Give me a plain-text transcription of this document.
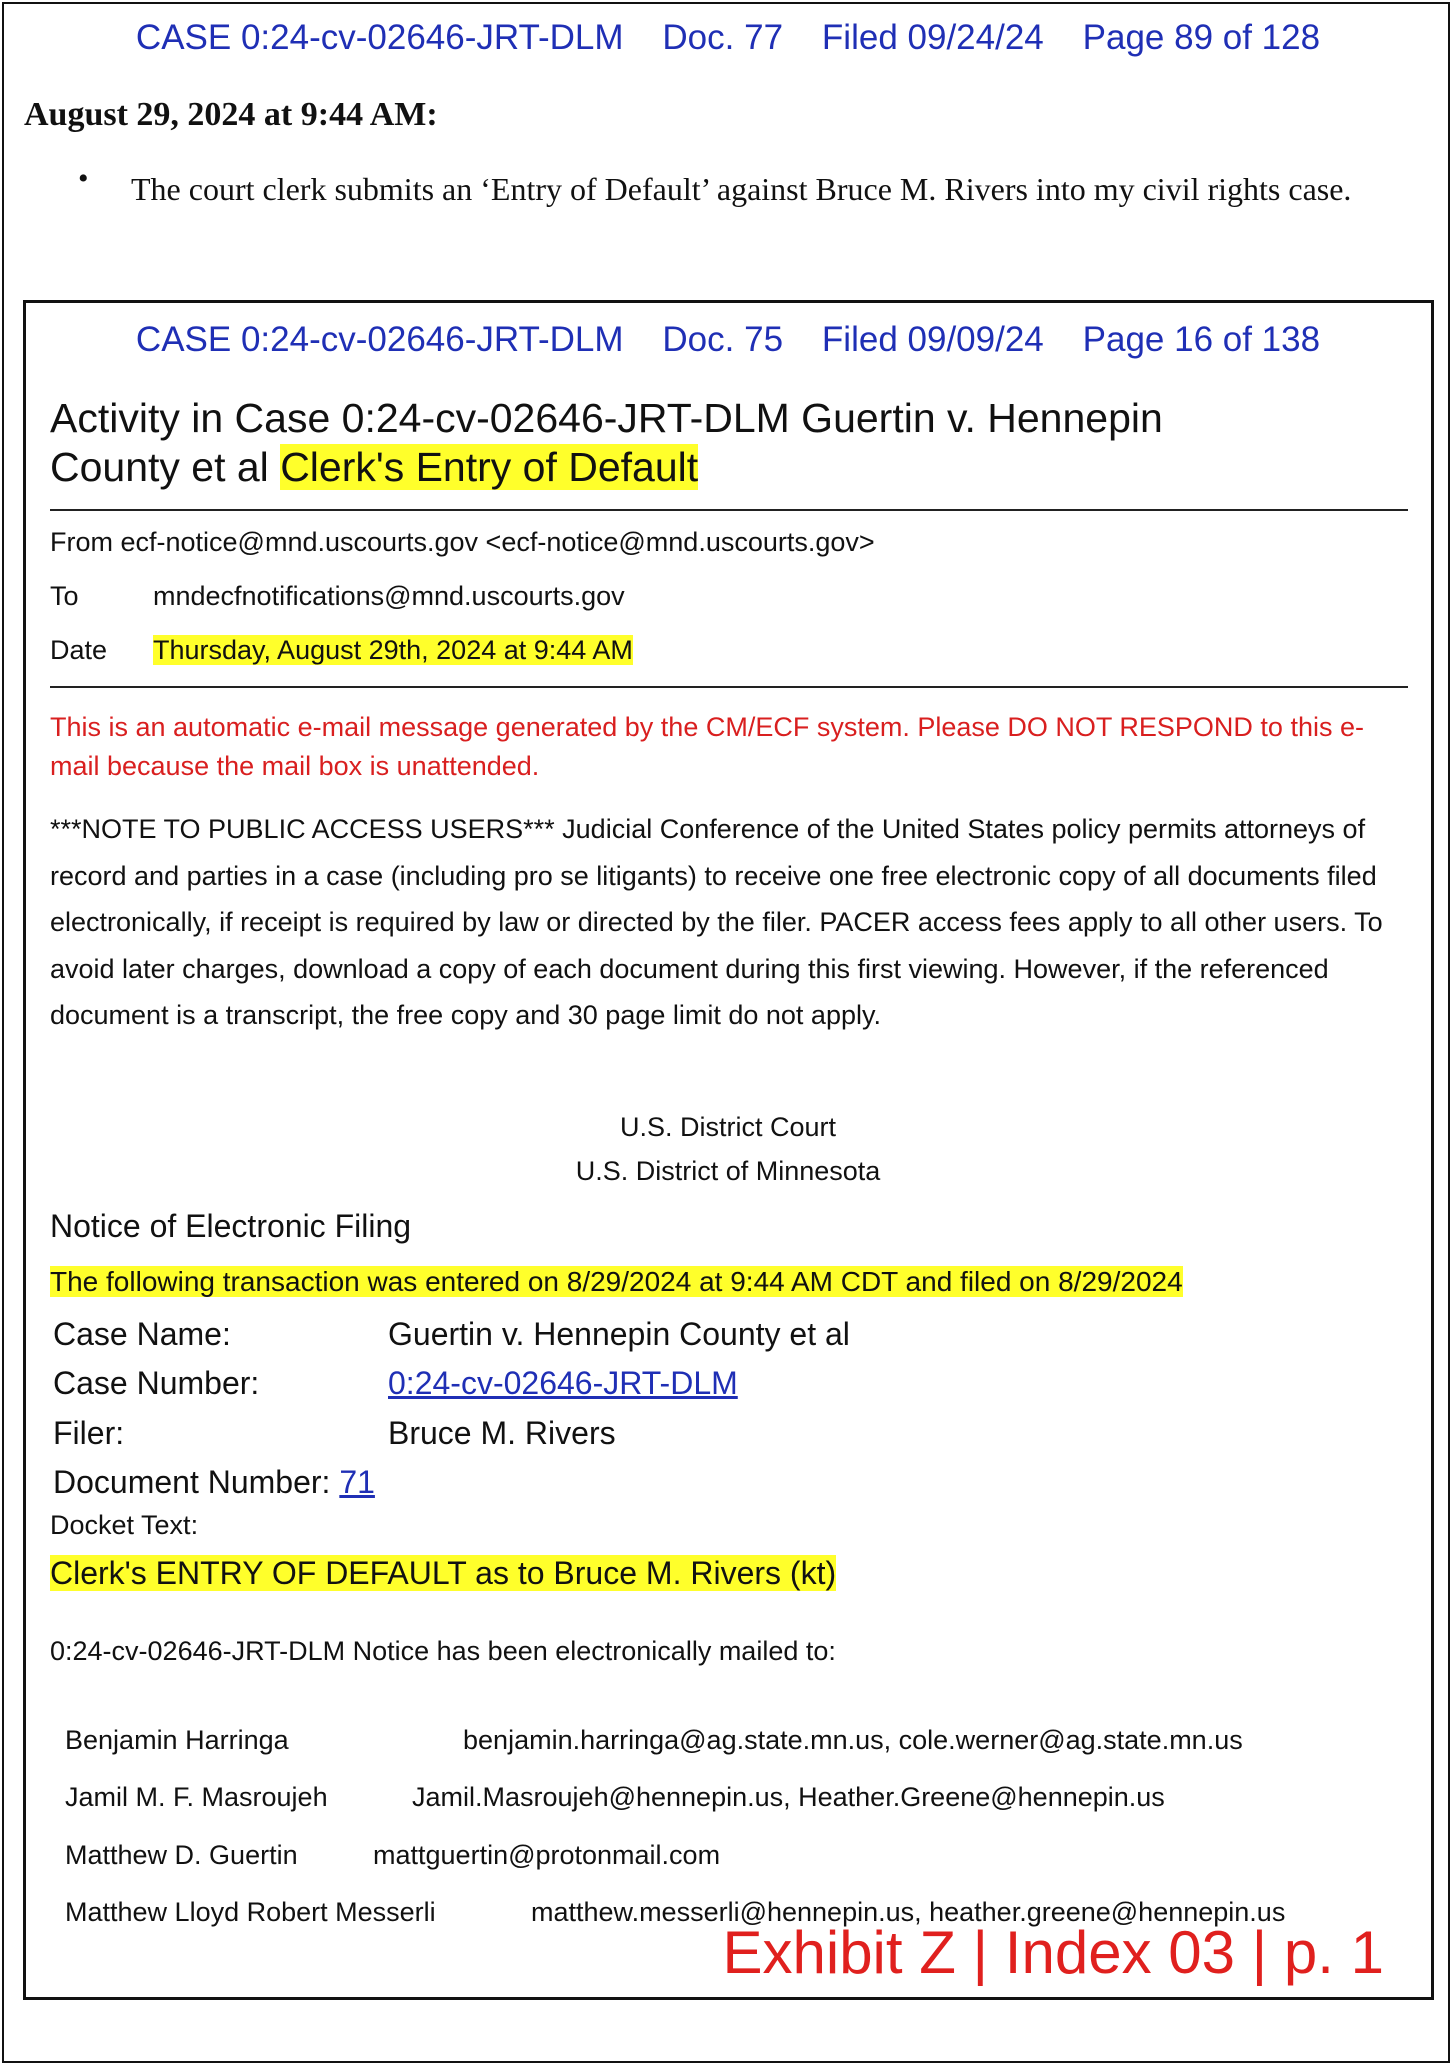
CASE 0:24-cv-02646-JRT-DLM    Doc. 77    Filed 09/24/24    Page 89 of 128
August 29, 2024 at 9:44 AM:
• The court clerk submits an ‘Entry of Default’ against Bruce M. Rivers into my civil rights case.
CASE 0:24-cv-02646-JRT-DLM    Doc. 75    Filed 09/09/24    Page 16 of 138
Activity in Case 0:24-cv-02646-JRT-DLM Guertin v. Hennepin
County et al Clerk's Entry of Default
From ecf-notice@mnd.uscourts.gov <ecf-notice@mnd.uscourts.gov>
To	mndecfnotifications@mnd.uscourts.gov
Date Thursday, August 29th, 2024 at 9:44 AM
This is an automatic e-mail message generated by the CM/ECF system. Please DO NOT RESPOND to this e-mail because the mail box is unattended.
***NOTE TO PUBLIC ACCESS USERS*** Judicial Conference of the United States policy permits attorneys of record and parties in a case (including pro se litigants) to receive one free electronic copy of all documents filed electronically, if receipt is required by law or directed by the filer. PACER access fees apply to all other users. To avoid later charges, download a copy of each document during this first viewing. However, if the referenced document is a transcript, the free copy and 30 page limit do not apply.
U.S. District Court
U.S. District of Minnesota
Notice of Electronic Filing
The following transaction was entered on 8/29/2024 at 9:44 AM CDT and filed on 8/29/2024
Case Name:	Guertin v. Hennepin County et al
Case Number:	0:24-cv-02646-JRT-DLM
Filer:	Bruce M. Rivers
Document Number: 71
Docket Text:
Clerk's ENTRY OF DEFAULT as to Bruce M. Rivers (kt)
0:24-cv-02646-JRT-DLM Notice has been electronically mailed to:

Benjamin Harringa	benjamin.harringa@ag.state.mn.us, cole.werner@ag.state.mn.us

Jamil M. F. Masroujeh	Jamil.Masroujeh@hennepin.us, Heather.Greene@hennepin.us

Matthew D. Guertin	mattguertin@protonmail.com

Matthew Lloyd Robert Messerli	matthew.messerli@hennepin.us, heather.greene@hennepin.us

Exhibit Z | Index 03 | p. 1
